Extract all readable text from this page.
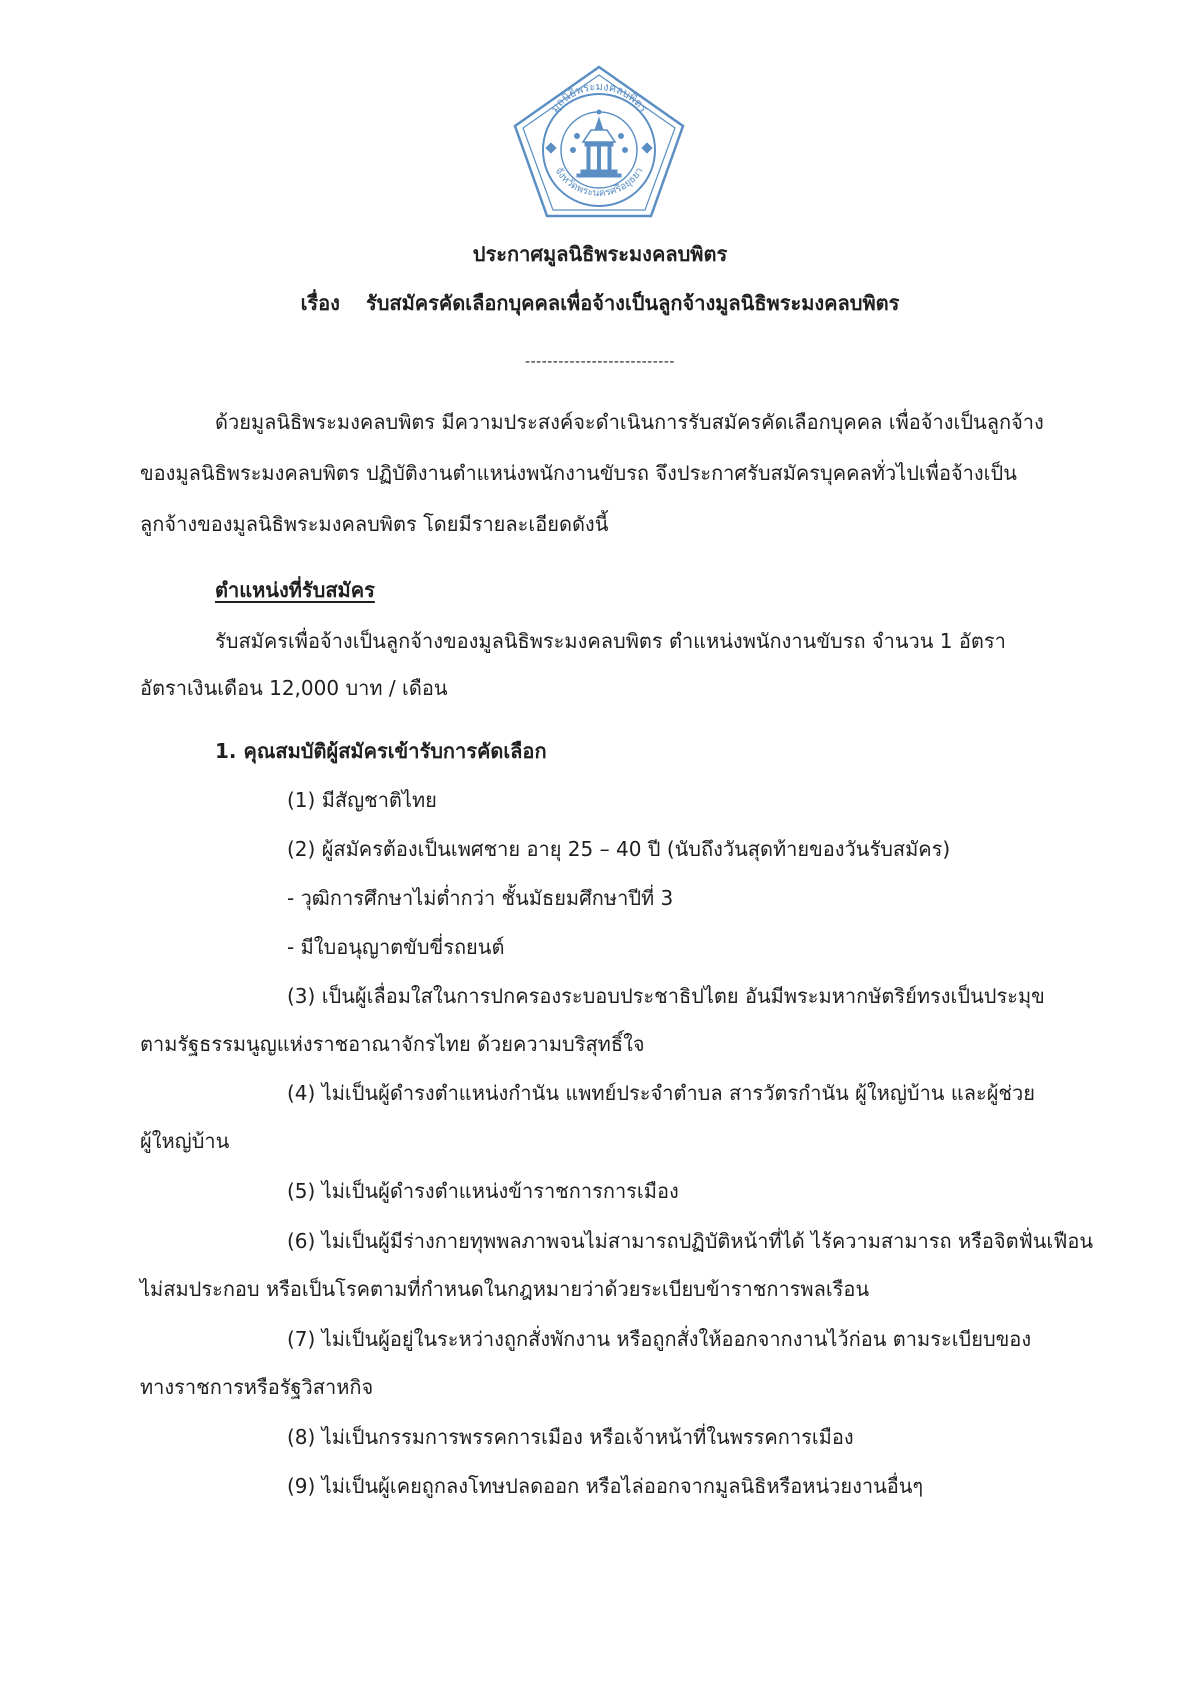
มูลนิธิพระมงคลบพิตร
จังหวัดพระนครศรีอยุธยา
ประกาศมูลนิธิพระมงคลบพิตร
เรื่อง รับสมัครคัดเลือกบุคคลเพื่อจ้างเป็นลูกจ้างมูลนิธิพระมงคลบพิตร
---------------------------
ด้วยมูลนิธิพระมงคลบพิตร มีความประสงค์จะดำเนินการรับสมัครคัดเลือกบุคคล เพื่อจ้างเป็นลูกจ้าง
ของมูลนิธิพระมงคลบพิตร ปฏิบัติงานตำแหน่งพนักงานขับรถ จึงประกาศรับสมัครบุคคลทั่วไปเพื่อจ้างเป็น
ลูกจ้างของมูลนิธิพระมงคลบพิตร โดยมีรายละเอียดดังนี้
ตำแหน่งที่รับสมัคร
รับสมัครเพื่อจ้างเป็นลูกจ้างของมูลนิธิพระมงคลบพิตร ตำแหน่งพนักงานขับรถ จำนวน 1 อัตรา
อัตราเงินเดือน 12,000 บาท / เดือน
1. คุณสมบัติผู้สมัครเข้ารับการคัดเลือก
(1) มีสัญชาติไทย
(2) ผู้สมัครต้องเป็นเพศชาย อายุ 25 – 40 ปี (นับถึงวันสุดท้ายของวันรับสมัคร)
- วุฒิการศึกษาไม่ต่ำกว่า ชั้นมัธยมศึกษาปีที่ 3
- มีใบอนุญาตขับขี่รถยนต์
(3) เป็นผู้เลื่อมใสในการปกครองระบอบประชาธิปไตย อันมีพระมหากษัตริย์ทรงเป็นประมุข
ตามรัฐธรรมนูญแห่งราชอาณาจักรไทย ด้วยความบริสุทธิ์ใจ
(4) ไม่เป็นผู้ดำรงตำแหน่งกำนัน แพทย์ประจำตำบล สารวัตรกำนัน ผู้ใหญ่บ้าน และผู้ช่วย
ผู้ใหญ่บ้าน
(5) ไม่เป็นผู้ดำรงตำแหน่งข้าราชการการเมือง
(6) ไม่เป็นผู้มีร่างกายทุพพลภาพจนไม่สามารถปฏิบัติหน้าที่ได้ ไร้ความสามารถ หรือจิตฟั่นเฟือน
ไม่สมประกอบ หรือเป็นโรคตามที่กำหนดในกฎหมายว่าด้วยระเบียบข้าราชการพลเรือน
(7) ไม่เป็นผู้อยู่ในระหว่างถูกสั่งพักงาน หรือถูกสั่งให้ออกจากงานไว้ก่อน ตามระเบียบของ
ทางราชการหรือรัฐวิสาหกิจ
(8) ไม่เป็นกรรมการพรรคการเมือง หรือเจ้าหน้าที่ในพรรคการเมือง
(9) ไม่เป็นผู้เคยถูกลงโทษปลดออก หรือไล่ออกจากมูลนิธิหรือหน่วยงานอื่นๆ
